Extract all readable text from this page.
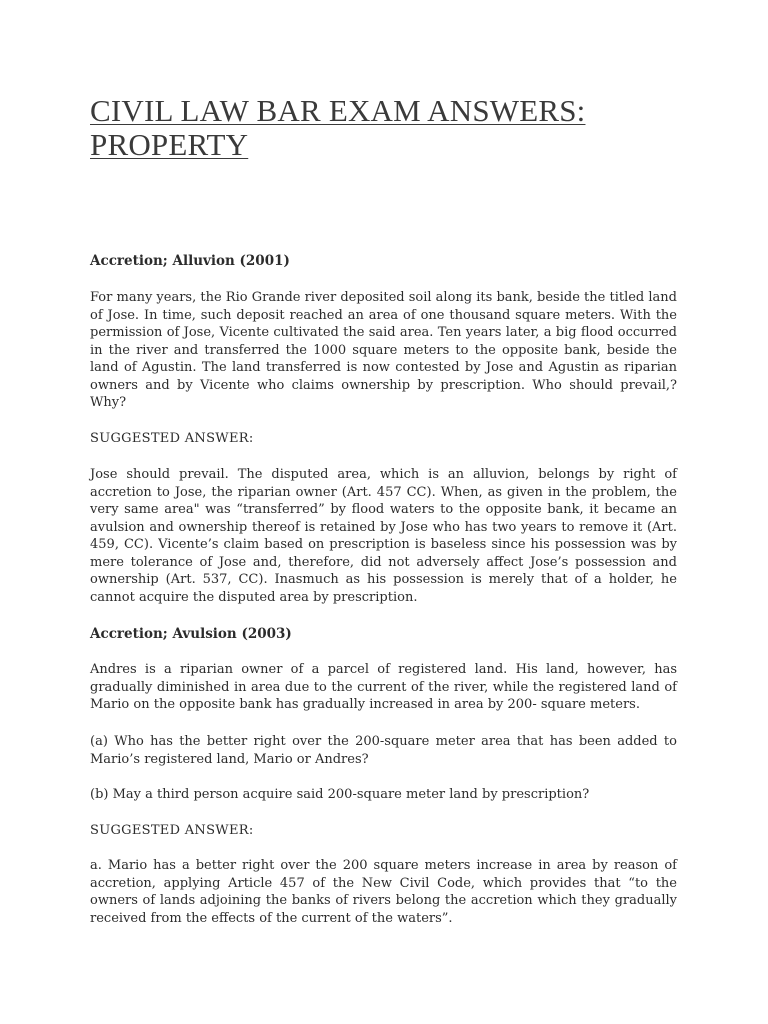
CIVIL LAW BAR EXAM ANSWERS:
PROPERTY

Accretion; Alluvion (2001)

For many years, the Rio Grande river deposited soil along its bank, beside the titled land of Jose. In time, such deposit reached an area of one thousand square meters. With the permission of Jose, Vicente cultivated the said area. Ten years later, a big flood occurred in the river and transferred the 1000 square meters to the opposite bank, beside the land of Agustin. The land transferred is now contested by Jose and Agustin as riparian owners and by Vicente who claims ownership by prescription. Who should prevail,? Why?

SUGGESTED ANSWER:

Jose should prevail. The disputed area, which is an alluvion, belongs by right of accretion to Jose, the riparian owner (Art. 457 CC). When, as given in the problem, the very same area" was “transferred” by flood waters to the opposite bank, it became an avulsion and ownership thereof is retained by Jose who has two years to remove it (Art. 459, CC). Vicente’s claim based on prescription is baseless since his possession was by mere tolerance of Jose and, therefore, did not adversely affect Jose’s possession and ownership (Art. 537, CC). Inasmuch as his possession is merely that of a holder, he cannot acquire the disputed area by prescription.

Accretion; Avulsion (2003)

Andres is a riparian owner of a parcel of registered land. His land, however, has gradually diminished in area due to the current of the river, while the registered land of Mario on the opposite bank has gradually increased in area by 200- square meters.

(a) Who has the better right over the 200-square meter area that has been added to Mario’s registered land, Mario or Andres?

(b) May a third person acquire said 200-square meter land by prescription?

SUGGESTED ANSWER:

a. Mario has a better right over the 200 square meters increase in area by reason of accretion, applying Article 457 of the New Civil Code, which provides that “to the owners of lands adjoining the banks of rivers belong the accretion which they gradually received from the effects of the current of the waters”.
